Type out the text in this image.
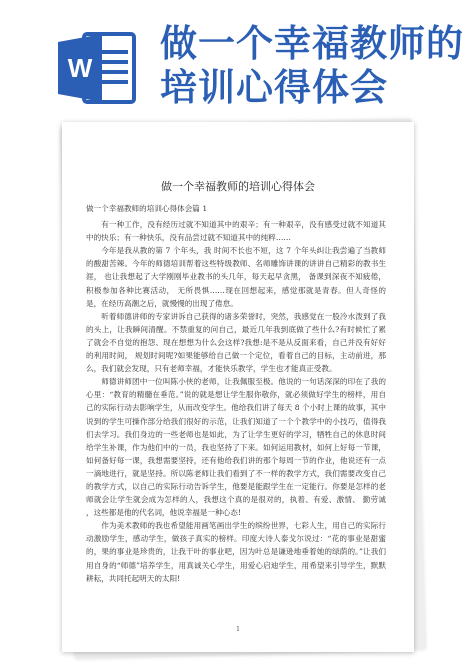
W
做一个幸福教师的
培训心得体会
做一个幸福教师的培训心得体会

做一个幸福教师的培训心得体会篇 1

有一种工作，没有经历过就不知道其中的艰辛；有一种艰辛，没有感受过就不知道其中的快乐；有一种快乐，没有品尝过就不知道其中的纯粹……

今年是我从教的第 7 个年头，我 时间不长也不短，这 7 个年头纠让我尝遍了当教师的酸甜苦辣。今年的师德培训帮着这些特级教师、名师雕饰讲课的讲讲自己精彩的教书生涯， 也让我想起了大学刚刚毕业教书的头几年，每天起早贪黑， 备课到深夜不知疲倦，积极参加各种比赛活动， 无所畏惧……现在回想起来，感觉那就是青春。但人奇怪的 是，在经历高潮之后，就慢慢的出现了倦怠。

听着师德讲师的专家讲诉自己获得的诸多荣誉时，突然，我感觉在一股冷水泼到了我的头上，让我瞬间清醒。不禁重复的问自己，最近几年我到底做了些什么?有时候忙了累了就会不自觉的抱怨、现在想想为什么会这样?我想:是不是从反面来看，自己并没有好好的利用时间， 规划时间呢?如果能够给自己做一个定位，看着自己的目标，主动前进，那么，我们就会发现，只有老师幸福，才能快乐教学，学生也才能真正受教。

师德讲师团中一位叫陈小侠的老师，让我佩服至极。他说的一句话深深的印在了我的心里：“教育的精髓在垂范。”说的就是想让学生服你敬你，就必须做好学生的榜样，用自己的实际行动去影响学生，从而改变学生。他给我们讲了每天 8 个小时上课的故事，其中说到的学生可操作部分给我们很好的示范，让我们知道了一个个教学中的小技巧，值得我们去学习。我们身边的一些老师也是如此，为了让学生更好的学习，牺牲自己的休息时间给学生补课，作为他们中的一员，我也坚持了下来。如何运用教材，如何上好每一节课，如何备好每一课，我想需要坚持，还有他给我们讲的那个每周一节的作业，他说还有一点一滴地进行，就是坚持。所以陈老师让我们看到了不一样的教学方式，我们需要改变自己的教学方式，以自己的实际行动告诉学生，他要是能跟学生在一定能行。你要是怎样的老师就会让学生就会成为怎样的人，我想这个真的是很对的，执着、有爱、激情、 勤劳诚 ，这些都是他的代名词，他说幸福是一种心态!

作为美术教师的我也希望能用画笔画出学生的缤纷世界，七彩人生，用自己的实际行动激励学生，感动学生，做孩子真实的榜样。印度大诗人泰戈尔说过：“花的事业是甜蜜的，果的事业是珍贵的，让我干叶的事业吧，因为叶总是谦逊地垂着她的绿荫的。”让我们用自身的“师德”培养学生，用真诚关心学生，用爱心启迪学生，用希望来引导学生，默默耕耘，共同托起明天的太阳!

1
